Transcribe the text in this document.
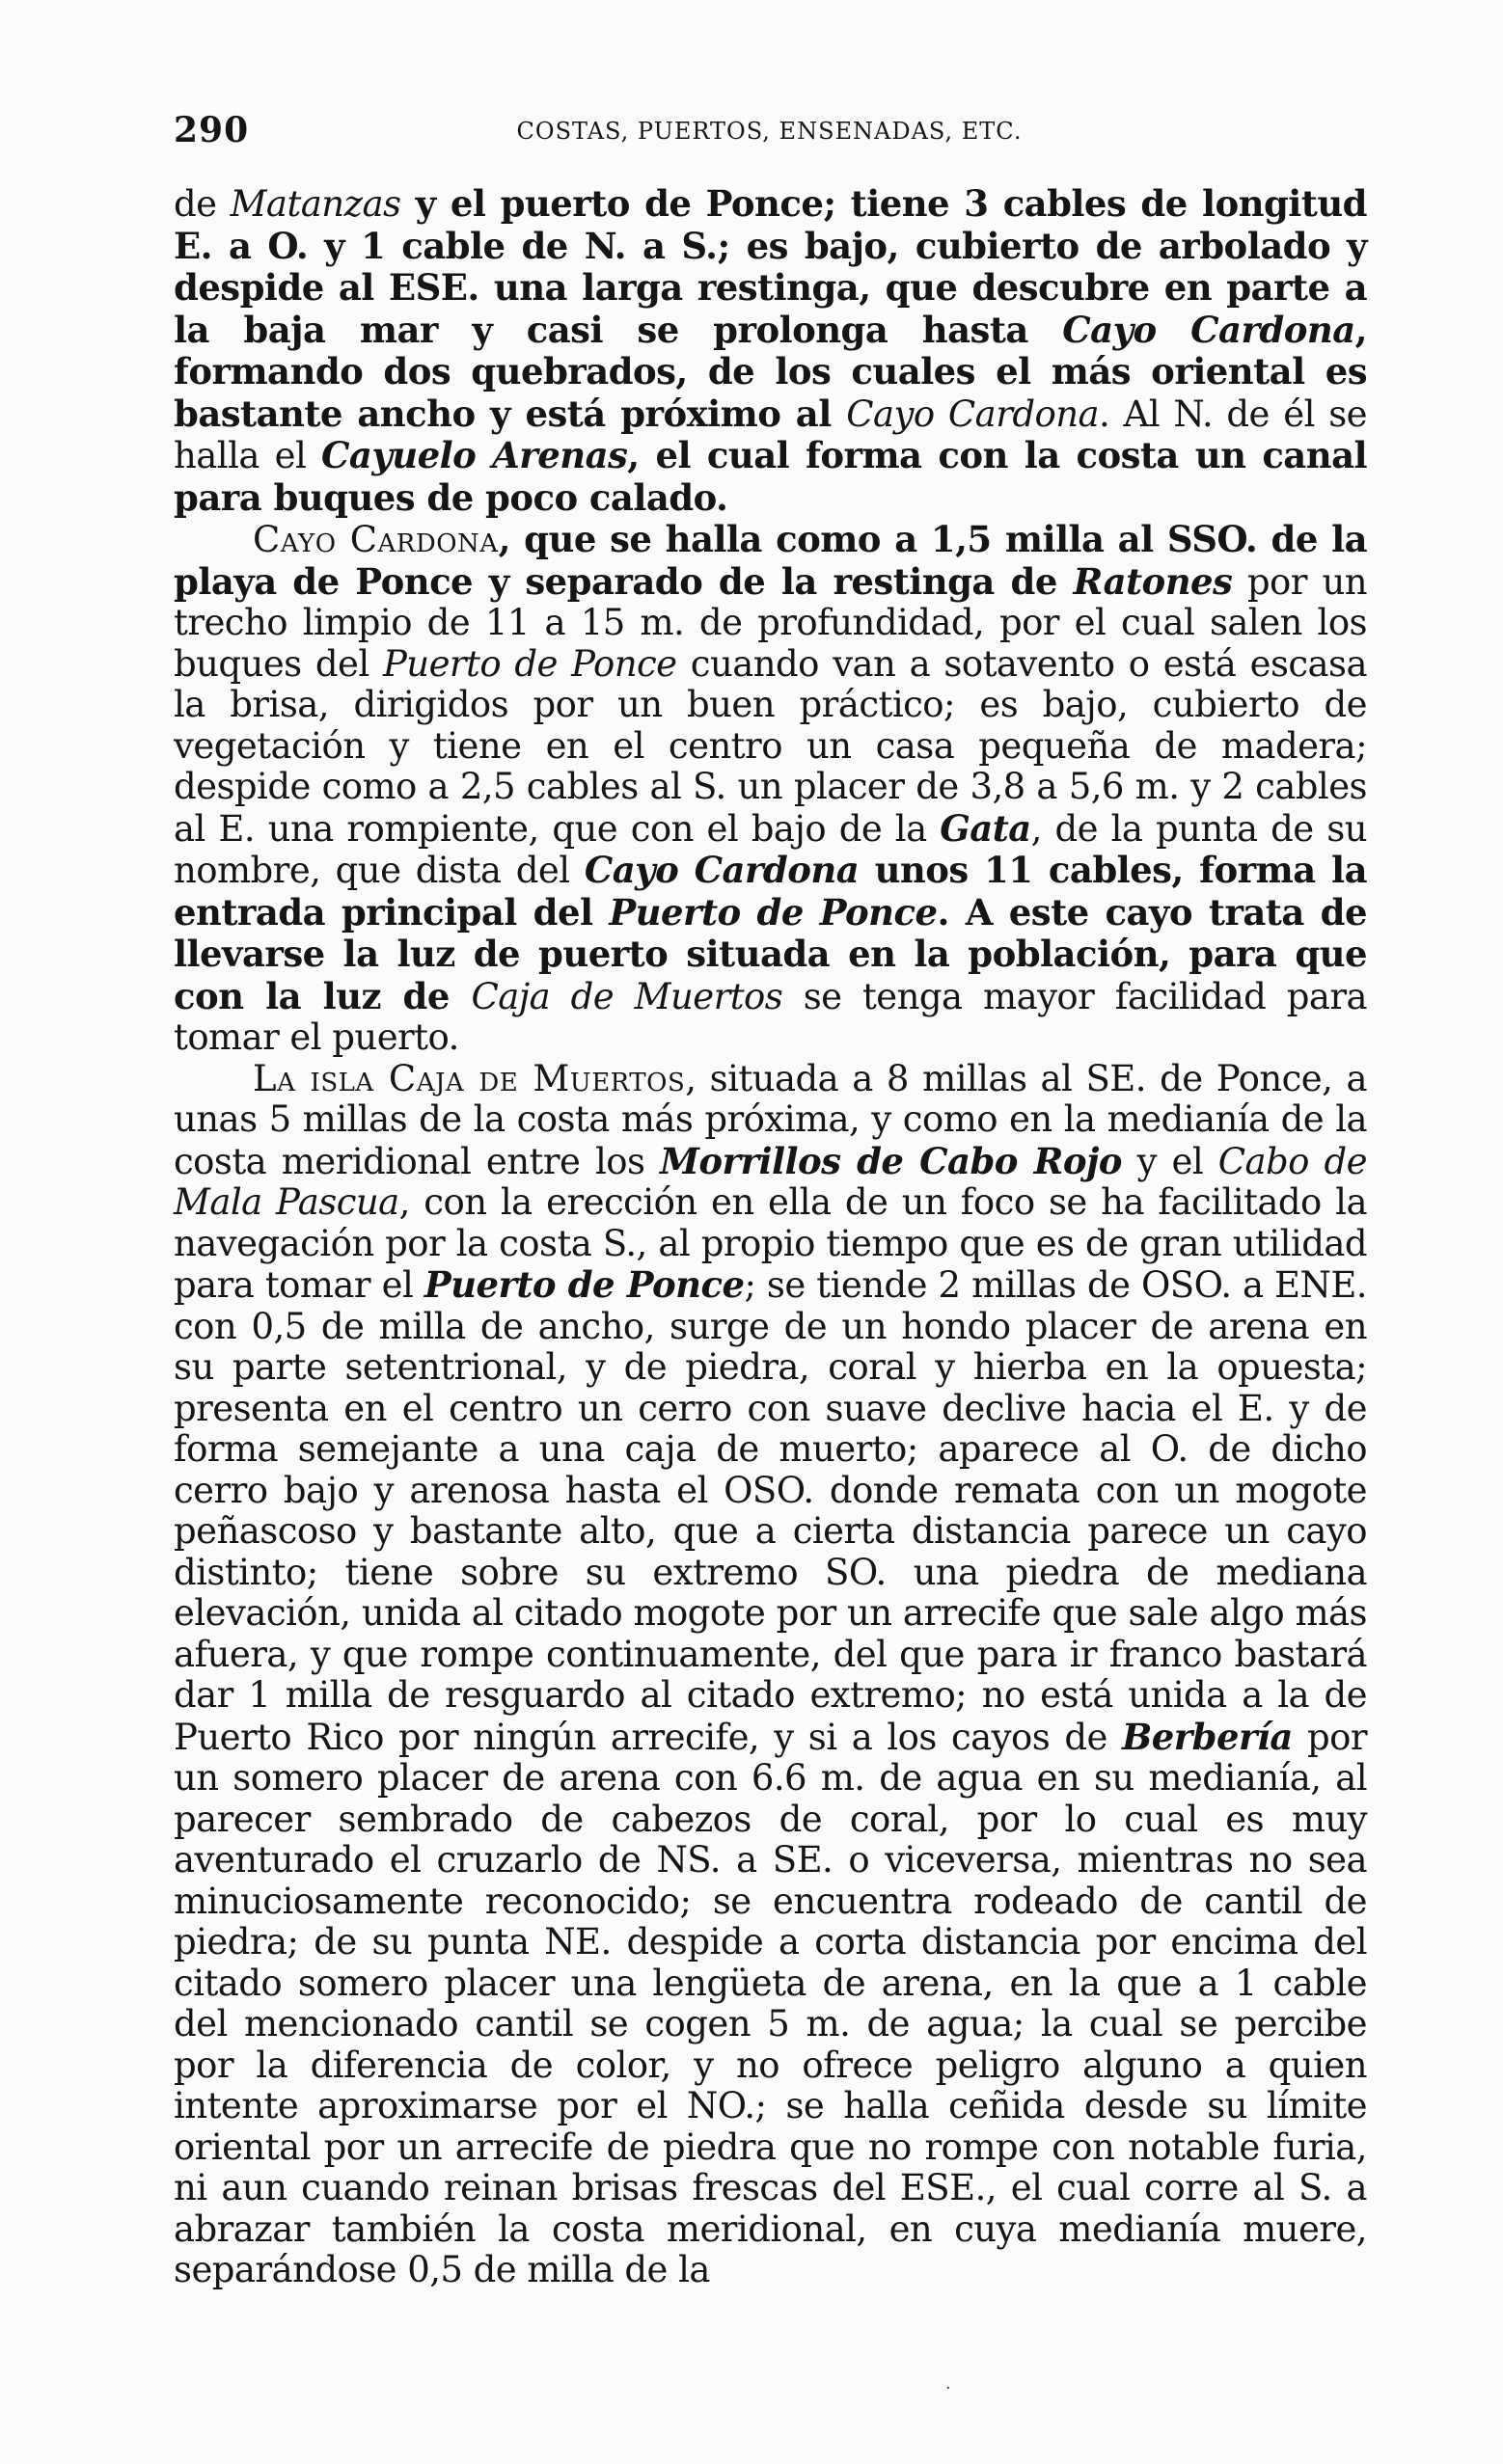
290	COSTAS, PUERTOS, ENSENADAS, ETC.

de Matanzas y el puerto de Ponce; tiene 3 cables de longitud E. a O. y 1 cable de N. a S.; es bajo, cubierto de arbolado y despide al ESE. una larga restinga, que descubre en parte a la baja mar y casi se prolonga hasta Cayo Cardona, formando dos quebrados, de los cuales el más oriental es bastante ancho y está próximo al Cayo Cardona. Al N. de él se halla el Cayuelo Arenas, el cual forma con la costa un canal para buques de poco calado.

Cayo Cardona, que se halla como a 1,5 milla al SSO. de la playa de Ponce y separado de la restinga de Ratones por un trecho limpio de 11 a 15 m. de profundidad, por el cual salen los buques del Puerto de Ponce cuando van a sotavento o está escasa la brisa, dirigidos por un buen práctico; es bajo, cubierto de vegetación y tiene en el centro un casa pequeña de madera; despide como a 2,5 cables al S. un placer de 3,8 a 5,6 m. y 2 cables al E. una rompiente, que con el bajo de la Gata, de la punta de su nombre, que dista del Cayo Cardona unos 11 cables, forma la entrada principal del Puerto de Ponce. A este cayo trata de llevarse la luz de puerto situada en la población, para que con la luz de Caja de Muertos se tenga mayor facilidad para tomar el puerto.

La isla Caja de Muertos, situada a 8 millas al SE. de Ponce, a unas 5 millas de la costa más próxima, y como en la medianía de la costa meridional entre los Morrillos de Cabo Rojo y el Cabo de Mala Pascua, con la erección en ella de un foco se ha facilitado la navegación por la costa S., al propio tiempo que es de gran utilidad para tomar el Puerto de Ponce; se tiende 2 millas de OSO. a ENE. con 0,5 de milla de ancho, surge de un hondo placer de arena en su parte setentrional, y de piedra, coral y hierba en la opuesta; presenta en el centro un cerro con suave declive hacia el E. y de forma semejante a una caja de muerto; aparece al O. de dicho cerro bajo y arenosa hasta el OSO. donde remata con un mogote peñascoso y bastante alto, que a cierta distancia parece un cayo distinto; tiene sobre su extremo SO. una piedra de mediana elevación, unida al citado mogote por un arrecife que sale algo más afuera, y que rompe continuamente, del que para ir franco bastará dar 1 milla de resguardo al citado extremo; no está unida a la de Puerto Rico por ningún arrecife, y si a los cayos de Berbería por un somero placer de arena con 6.6 m. de agua en su medianía, al parecer sembrado de cabezos de coral, por lo cual es muy aventurado el cruzarlo de NS. a SE. o viceversa, mientras no sea minuciosamente reconocido; se encuentra rodeado de cantil de piedra; de su punta NE. despide a corta distancia por encima del citado somero placer una lengüeta de arena, en la que a 1 cable del mencionado cantil se cogen 5 m. de agua; la cual se percibe por la diferencia de color, y no ofrece peligro alguno a quien intente aproximarse por el NO.; se halla ceñida desde su límite oriental por un arrecife de piedra que no rompe con notable furia, ni aun cuando reinan brisas frescas del ESE., el cual corre al S. a abrazar también la costa meridional, en cuya medianía muere, separándose 0,5 de milla de la

·
